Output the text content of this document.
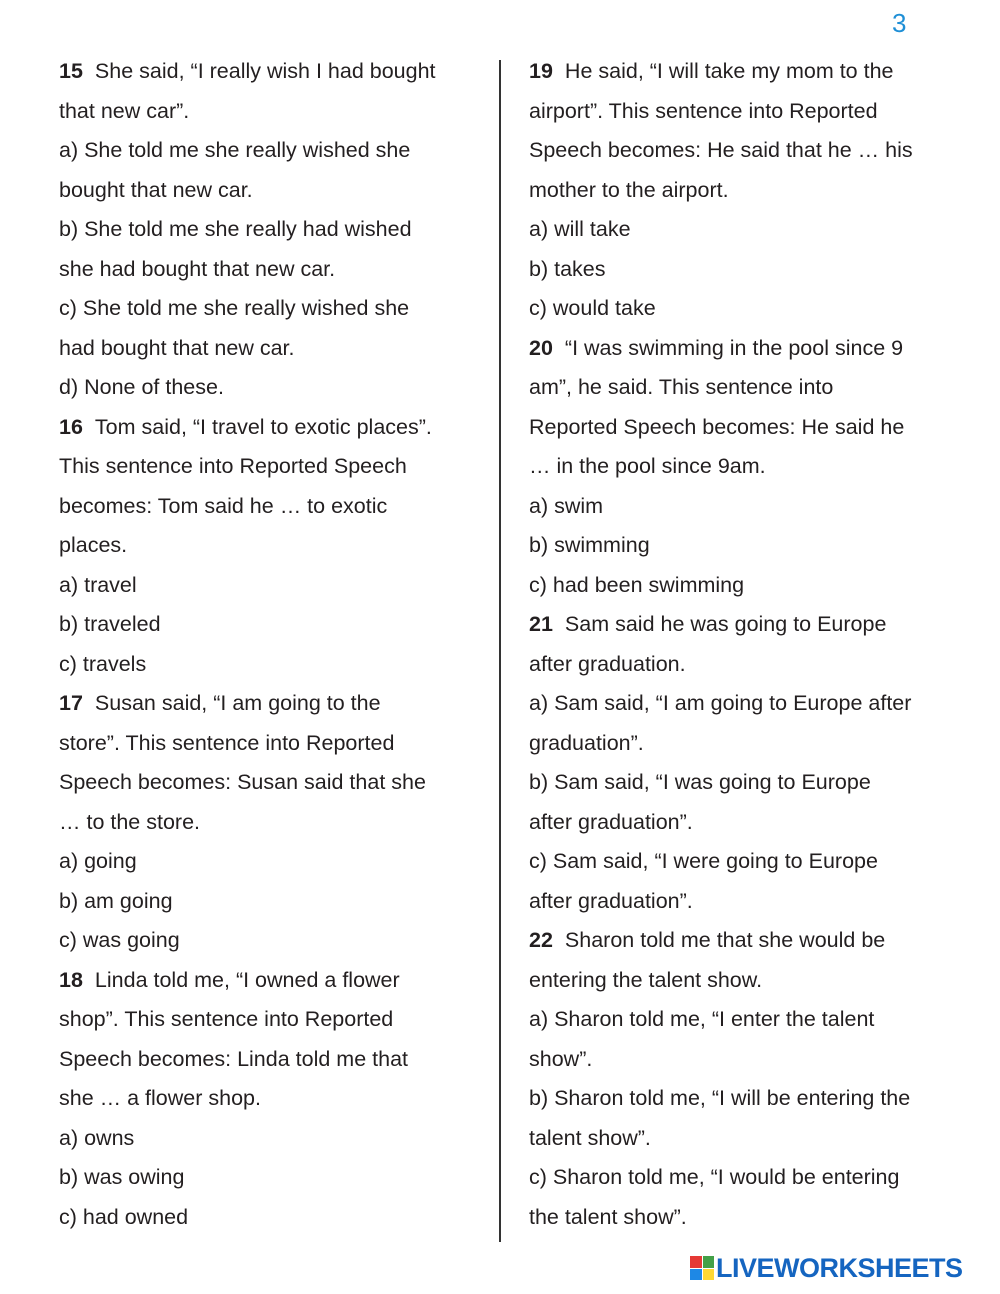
3
15 She said, “I really wish I had bought
that new car”.
a) She told me she really wished she
bought that new car.
b) She told me she really had wished
she had bought that new car.
c) She told me she really wished she
had bought that new car.
d) None of these.
16 Tom said, “I travel to exotic places”.
This sentence into Reported Speech
becomes: Tom said he … to exotic
places.
a) travel
b) traveled
c) travels
17 Susan said, “I am going to the
store”. This sentence into Reported
Speech becomes: Susan said that she
… to the store.
a) going
b) am going
c) was going
18 Linda told me, “I owned a flower
shop”. This sentence into Reported
Speech becomes: Linda told me that
she … a flower shop.
a) owns
b) was owing
c) had owned
19 He said, “I will take my mom to the
airport”. This sentence into Reported
Speech becomes: He said that he … his
mother to the airport.
a) will take
b) takes
c) would take
20 “I was swimming in the pool since 9
am”, he said. This sentence into
Reported Speech becomes: He said he
… in the pool since 9am.
a) swim
b) swimming
c) had been swimming
21 Sam said he was going to Europe
after graduation.
a) Sam said, “I am going to Europe after
graduation”.
b) Sam said, “I was going to Europe
after graduation”.
c) Sam said, “I were going to Europe
after graduation”.
22 Sharon told me that she would be
entering the talent show.
a) Sharon told me, “I enter the talent
show”.
b) Sharon told me, “I will be entering the
talent show”.
c) Sharon told me, “I would be entering
the talent show”.
LIVEWORKSHEETS
